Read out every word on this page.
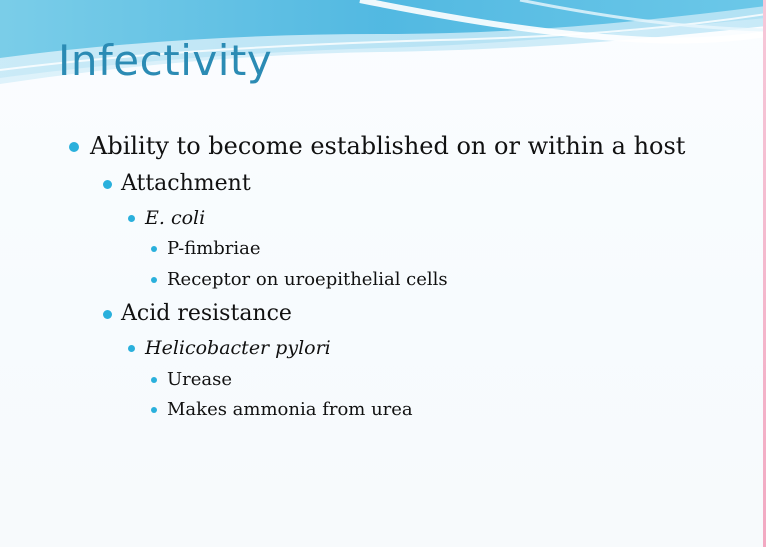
Infectivity
Ability to become established on or within a host
Attachment
E. coli
P-fimbriae
Receptor on uroepithelial cells
Acid resistance
Helicobacter pylori
Urease
Makes ammonia from urea
